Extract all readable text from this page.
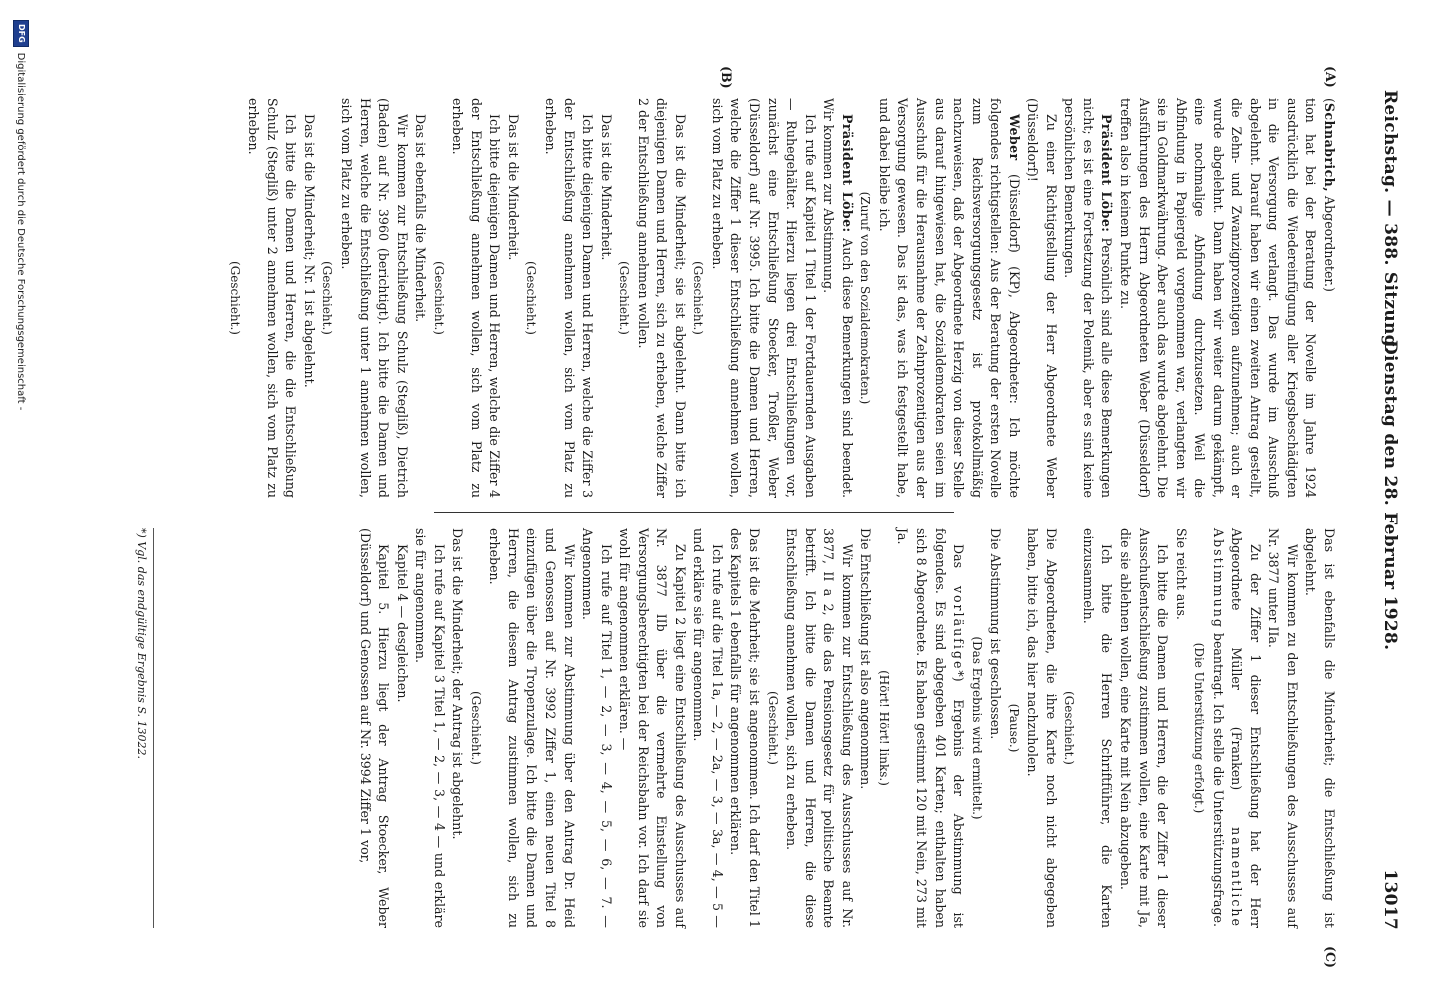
Reichstag. — 388. Sitzung.
Dienstag den 28. Februar 1928.
13017
(A)
(B)
(C)

(Schnabrich, Abgeordneter.)

tion hat bei der Beratung der Novelle im Jahre 1924 ausdrücklich die Wiedereinfügung aller Kriegsbeschädigten in die Versorgung verlangt. Das wurde im Ausschuß abgelehnt. Darauf haben wir einen zweiten Antrag gestellt, die Zehn- und Zwanzigprozentigen aufzunehmen; auch er wurde abgelehnt. Dann haben wir weiter darum gekämpft, eine nochmalige Abfindung durchzusetzen. Weil die Abfindung in Papiergeld vorgenommen war, verlangten wir sie in Goldmarkwährung. Aber auch das wurde abgelehnt. Die Ausführungen des Herrn Abgeordneten Weber (Düsseldorf) treffen also in keinem Punkte zu.

Präsident Löbe: Persönlich sind alle diese Bemerkungen nicht; es ist eine Fortsetzung der Polemik, aber es sind keine persönlichen Bemerkungen.

Zu einer Richtigstellung der Herr Abgeordnete Weber (Düsseldorf)!

Weber (Düsseldorf) (KP), Abgeordneter: Ich möchte folgendes richtigstellen: Aus der Beratung der ersten Novelle zum Reichsversorgungsgesetz ist protokollmäßig nachzuweisen, daß der Abgeordnete Herzig von dieser Stelle aus darauf hingewiesen hat, die Sozialdemokraten seien im Ausschuß für die Herausnahme der Zehnprozentigen aus der Versorgung gewesen. Das ist das, was ich festgestellt habe, und dabei bleibe ich.

(Zuruf von den Sozialdemokraten.)

Präsident Löbe: Auch diese Bemerkungen sind beendet. Wir kommen zur Abstimmung.

Ich rufe auf Kapitel 1 Titel 1 der Fortdauernden Ausgaben — Ruhegehälter. Hierzu liegen drei Entschließungen vor, zunächst eine Entschließung Stoecker, Troßler, Weber (Düsseldorf) auf Nr. 3995. Ich bitte die Damen und Herren, welche die Ziffer 1 dieser Entschließung annehmen wollen, sich vom Platz zu erheben.

(Geschieht.)

Das ist die Minderheit; sie ist abgelehnt. Dann bitte ich diejenigen Damen und Herren, sich zu erheben, welche Ziffer 2 der Entschließung annehmen wollen.

(Geschieht.)

Das ist die Minderheit.

Ich bitte diejenigen Damen und Herren, welche die Ziffer 3 der Entschließung annehmen wollen, sich vom Platz zu erheben.

(Geschieht.)

Das ist die Minderheit.

Ich bitte diejenigen Damen und Herren, welche die Ziffer 4 der Entschließung annehmen wollen, sich vom Platz zu erheben.

(Geschieht.)

Das ist ebenfalls die Minderheit.

Wir kommen zur Entschließung Schulz (Stegliß), Dietrich (Baden) auf Nr. 3960 (berichtigt). Ich bitte die Damen und Herren, welche die Entschließung unter 1 annehmen wollen, sich vom Platz zu erheben.

(Geschieht.)

Das ist die Minderheit; Nr. 1 ist abgelehnt.

Ich bitte die Damen und Herren, die die Entschließung Schulz (Stegliß) unter 2 annehmen wollen, sich vom Platz zu erheben.

(Geschieht.)

Das ist ebenfalls die Minderheit; die Entschließung ist abgelehnt.

Wir kommen zu den Entschließungen des Ausschusses auf Nr. 3877 unter IIa.

Zu der Ziffer 1 dieser Entschließung hat der Herr Abgeordnete Müller (Franken) namentliche Abstimmung beantragt. Ich stelle die Unterstützungsfrage.

(Die Unterstützung erfolgt.)

Sie reicht aus.

Ich bitte die Damen und Herren, die der Ziffer 1 dieser Ausschußentschließung zustimmen wollen, eine Karte mit Ja, die sie ablehnen wollen, eine Karte mit Nein abzugeben.

Ich bitte die Herren Schriftführer, die Karten einzusammeln.

(Geschieht.)

Die Abgeordneten, die ihre Karte noch nicht abgegeben haben, bitte ich, das hier nachzuholen.

(Pause.)

Die Abstimmung ist geschlossen.

(Das Ergebnis wird ermittelt.)

Das vorläufige*) Ergebnis der Abstimmung ist folgendes. Es sind abgegeben 401 Karten; enthalten haben sich 8 Abgeordnete. Es haben gestimmt 120 mit Nein, 273 mit Ja.

(Hört! Hört! links.)

Die Entschließung ist also angenommen.

Wir kommen zur Entschließung des Ausschusses auf Nr. 3877, II a 2, die das Pensionsgesetz für politische Beamte betrifft. Ich bitte die Damen und Herren, die diese Entschließung annehmen wollen, sich zu erheben.

(Geschieht.)

Das ist die Mehrheit; sie ist angenommen. Ich darf den Titel 1 des Kapitels 1 ebenfalls für angenommen erklären.

Ich rufe auf die Titel 1a, — 2, — 2a, — 3, — 3a, — 4, — 5 — und erkläre sie für angenommen.

Zu Kapitel 2 liegt eine Entschließung des Ausschusses auf Nr. 3877 IIb über die vermehrte Einstellung von Versorgungsberechtigten bei der Reichsbahn vor. Ich darf sie wohl für angenommen erklären. —

Ich rufe auf Titel 1, — 2, — 3, — 4, — 5, — 6, — 7. — Angenommen.

Wir kommen zur Abstimmung über den Antrag Dr. Heid und Genossen auf Nr. 3992 Ziffer 1, einen neuen Titel 8 einzufügen über die Tropenzulage. Ich bitte die Damen und Herren, die diesem Antrag zustimmen wollen, sich zu erheben.

(Geschieht.)

Das ist die Minderheit; der Antrag ist abgelehnt.

Ich rufe auf Kapitel 3 Titel 1, — 2, — 3, — 4 — und erkläre sie für angenommen.

Kapitel 4 — desgleichen.

Kapitel 5. Hierzu liegt der Antrag Stoecker, Weber (Düsseldorf) und Genossen auf Nr. 3994 Ziffer 1 vor,

*) Vgl. das endgültige Ergebnis S. 13022.
DFGDigitalisierung gefördert durch die Deutsche Forschungsgemeinschaft -
